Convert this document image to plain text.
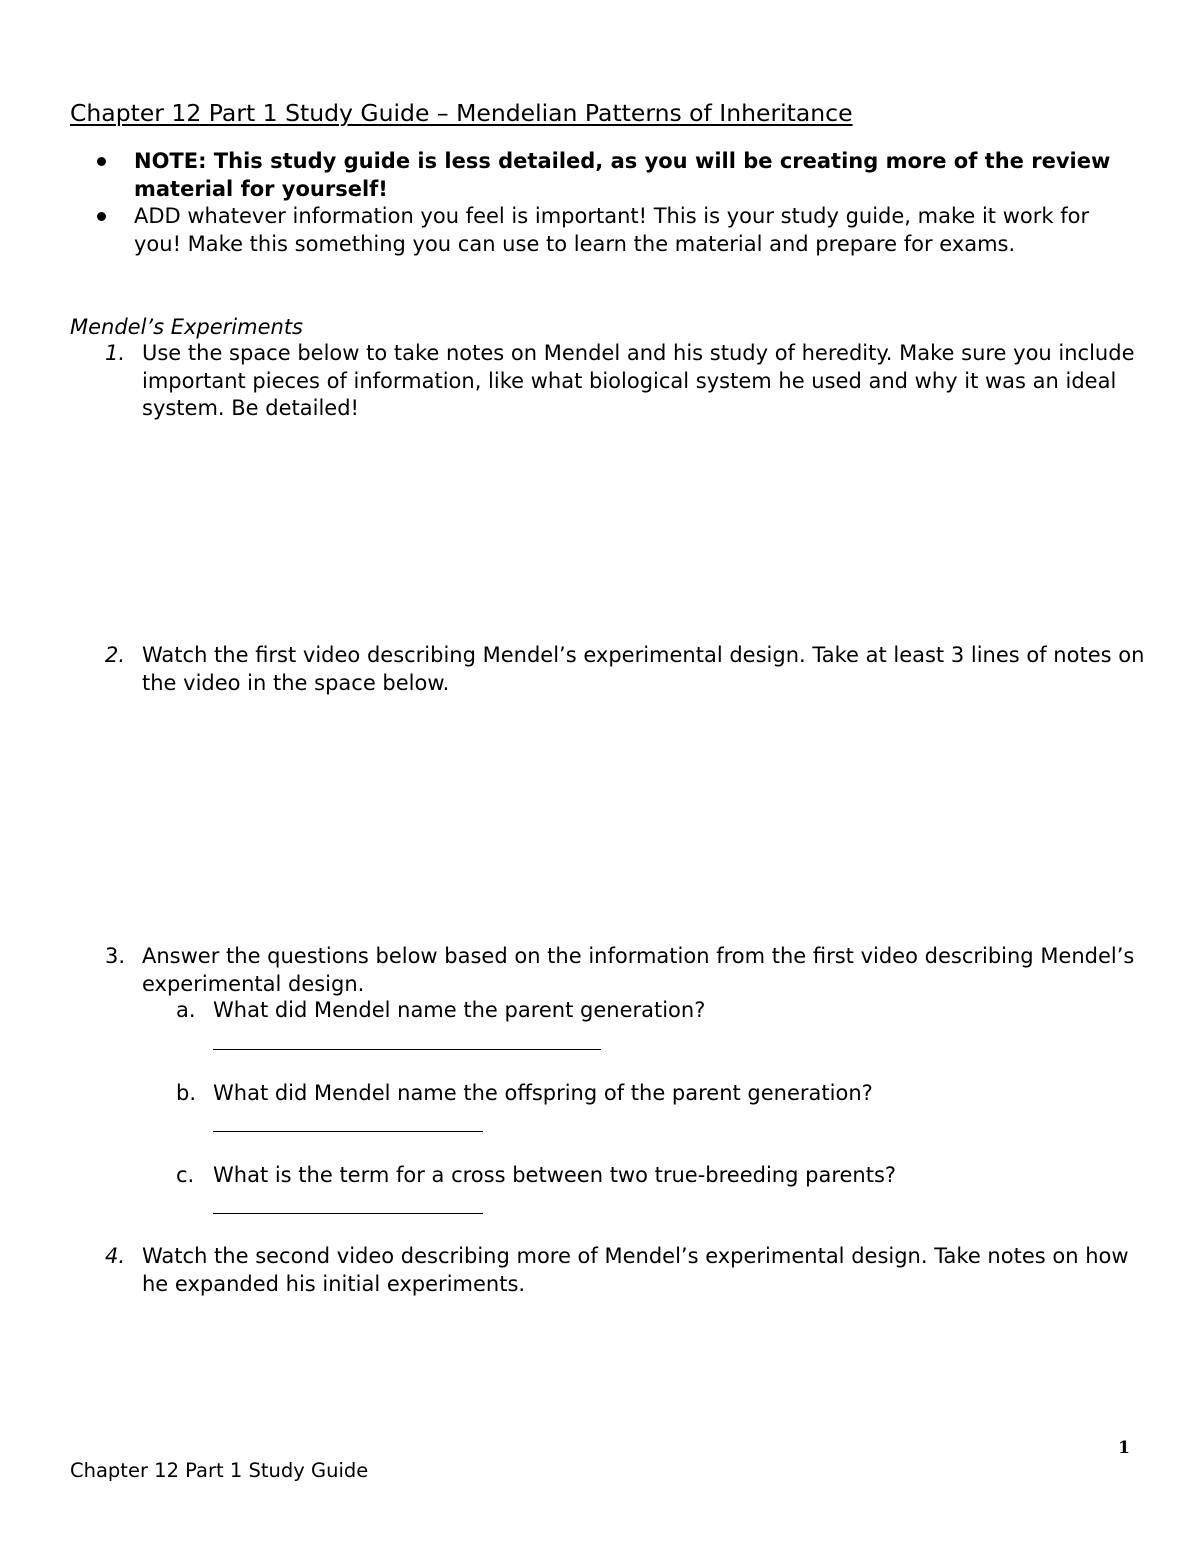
Chapter 12 Part 1 Study Guide – Mendelian Patterns of Inheritance
NOTE: This study guide is less detailed, as you will be creating more of the review material for yourself!
ADD whatever information you feel is important! This is your study guide, make it work for you! Make this something you can use to learn the material and prepare for exams.
Mendel’s Experiments
1. Use the space below to take notes on Mendel and his study of heredity. Make sure you include important pieces of information, like what biological system he used and why it was an ideal system. Be detailed!
2. Watch the first video describing Mendel’s experimental design. Take at least 3 lines of notes on the video in the space below.
3. Answer the questions below based on the information from the first video describing Mendel’s experimental design.
a. What did Mendel name the parent generation?
b. What did Mendel name the offspring of the parent generation?
c. What is the term for a cross between two true-breeding parents?
4. Watch the second video describing more of Mendel’s experimental design. Take notes on how he expanded his initial experiments.
1
Chapter 12 Part 1 Study Guide
